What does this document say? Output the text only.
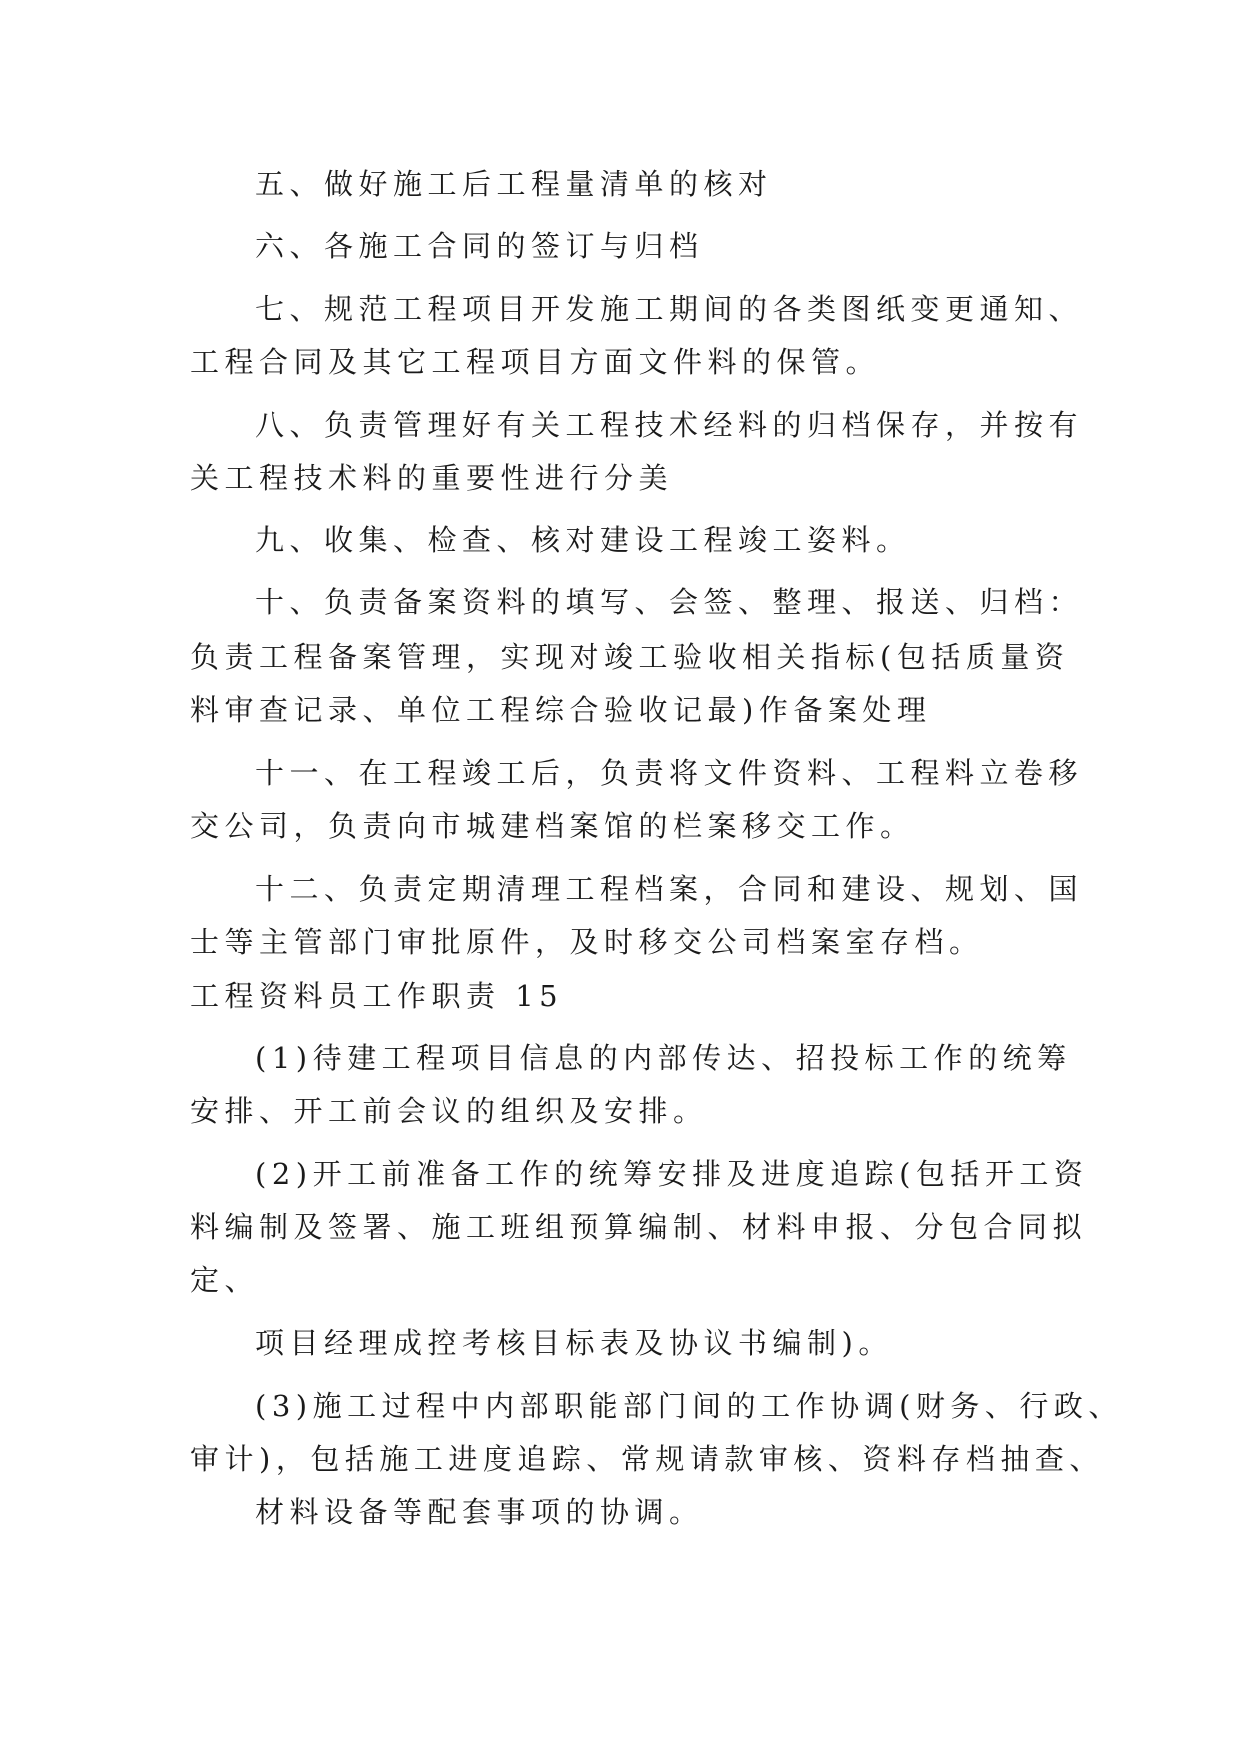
五、做好施工后工程量清单的核对
六、各施工合同的签订与归档
七、规范工程项目开发施工期间的各类图纸变更通知、
工程合同及其它工程项目方面文件料的保管。
八、负责管理好有关工程技术经料的归档保存，并按有
关工程技术料的重要性进行分美
九、收集、检查、核对建设工程竣工姿料。
十、负责备案资料的填写、会签、整理、报送、归档：
负责工程备案管理，实现对竣工验收相关指标(包括质量资
料审查记录、单位工程综合验收记最)作备案处理
十一、在工程竣工后，负责将文件资料、工程料立卷移
交公司，负责向市城建档案馆的栏案移交工作。
十二、负责定期清理工程档案，合同和建设、规划、国
士等主管部门审批原件，及时移交公司档案室存档。
工程资料员工作职责 15
(1)待建工程项目信息的内部传达、招投标工作的统筹
安排、开工前会议的组织及安排。
(2)开工前准备工作的统筹安排及进度追踪(包括开工资
料编制及签署、施工班组预算编制、材料申报、分包合同拟
定、
项目经理成控考核目标表及协议书编制)。
(3)施工过程中内部职能部门间的工作协调(财务、行政、
审计)，包括施工进度追踪、常规请款审核、资料存档抽查、
材料设备等配套事项的协调。
